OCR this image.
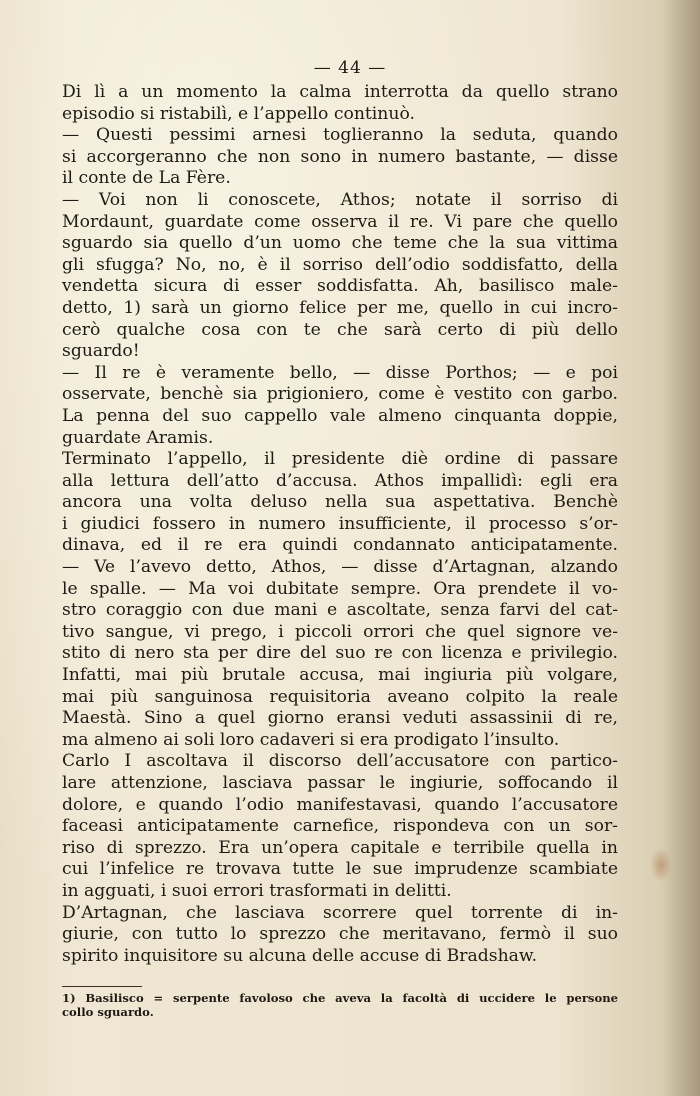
— 44 —
Di lì a un momento la calma interrotta da quello strano
episodio si ristabilì, e l’appello continuò.
— Questi pessimi arnesi toglieranno la seduta, quando
si accorgeranno che non sono in numero bastante, — disse
il conte de La Fère.
— Voi non li conoscete, Athos; notate il sorriso di
Mordaunt, guardate come osserva il re. Vi pare che quello
sguardo sia quello d’un uomo che teme che la sua vittima
gli sfugga? No, no, è il sorriso dell’odio soddisfatto, della
vendetta sicura di esser soddisfatta. Ah, basilisco male-
detto, 1) sarà un giorno felice per me, quello in cui incro-
cerò qualche cosa con te che sarà certo di più dello
sguardo!
— Il re è veramente bello, — disse Porthos; — e poi
osservate, benchè sia prigioniero, come è vestito con garbo.
La penna del suo cappello vale almeno cinquanta doppie,
guardate Aramis.
Terminato l’appello, il presidente diè ordine di passare
alla lettura dell’atto d’accusa. Athos impallidì: egli era
ancora una volta deluso nella sua aspettativa. Benchè
i giudici fossero in numero insufficiente, il processo s’or-
dinava, ed il re era quindi condannato anticipatamente.
— Ve l’avevo detto, Athos, — disse d’Artagnan, alzando
le spalle. — Ma voi dubitate sempre. Ora prendete il vo-
stro coraggio con due mani e ascoltate, senza farvi del cat-
tivo sangue, vi prego, i piccoli orrori che quel signore ve-
stito di nero sta per dire del suo re con licenza e privilegio.
Infatti, mai più brutale accusa, mai ingiuria più volgare,
mai più sanguinosa requisitoria aveano colpito la reale
Maestà. Sino a quel giorno eransi veduti assassinii di re,
ma almeno ai soli loro cadaveri si era prodigato l’insulto.
Carlo I ascoltava il discorso dell’accusatore con partico-
lare attenzione, lasciava passar le ingiurie, soffocando il
dolore, e quando l’odio manifestavasi, quando l’accusatore
faceasi anticipatamente carnefice, rispondeva con un sor-
riso di sprezzo. Era un’opera capitale e terribile quella in
cui l’infelice re trovava tutte le sue imprudenze scambiate
in agguati, i suoi errori trasformati in delitti.
D’Artagnan, che lasciava scorrere quel torrente di in-
giurie, con tutto lo sprezzo che meritavano, fermò il suo
spirito inquisitore su alcuna delle accuse di Bradshaw.
1) Basilisco = serpente favoloso che aveva la facoltà di uccidere le persone
collo sguardo.
